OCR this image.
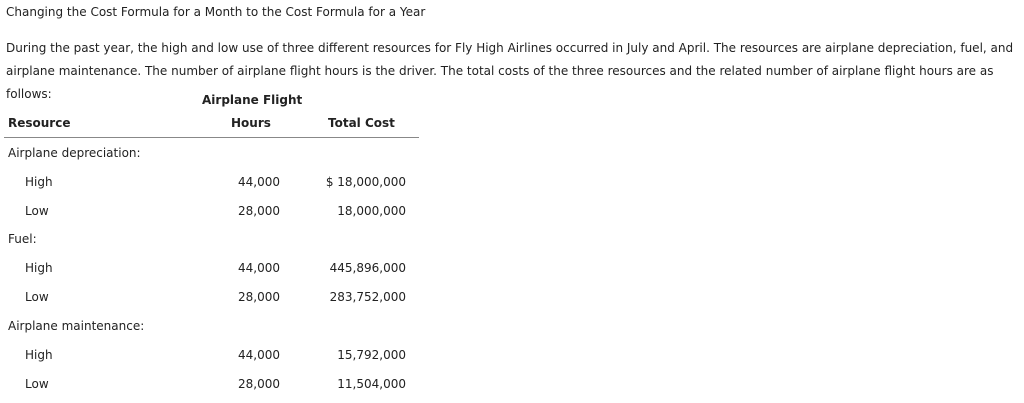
Changing the Cost Formula for a Month to the Cost Formula for a Year
During the past year, the high and low use of three different resources for Fly High Airlines occurred in July and April. The resources are airplane depreciation, fuel, and airplane maintenance. The number of airplane flight hours is the driver. The total costs of the three resources and the related number of airplane flight hours are as follows:	Airplane Flight
Resource	Hours	Total Cost
Airplane depreciation:
High	44,000	$ 18,000,000
Low	28,000	18,000,000
Fuel:
High	44,000	445,896,000
Low	28,000	283,752,000
Airplane maintenance:
High	44,000	15,792,000
Low	28,000	11,504,000
